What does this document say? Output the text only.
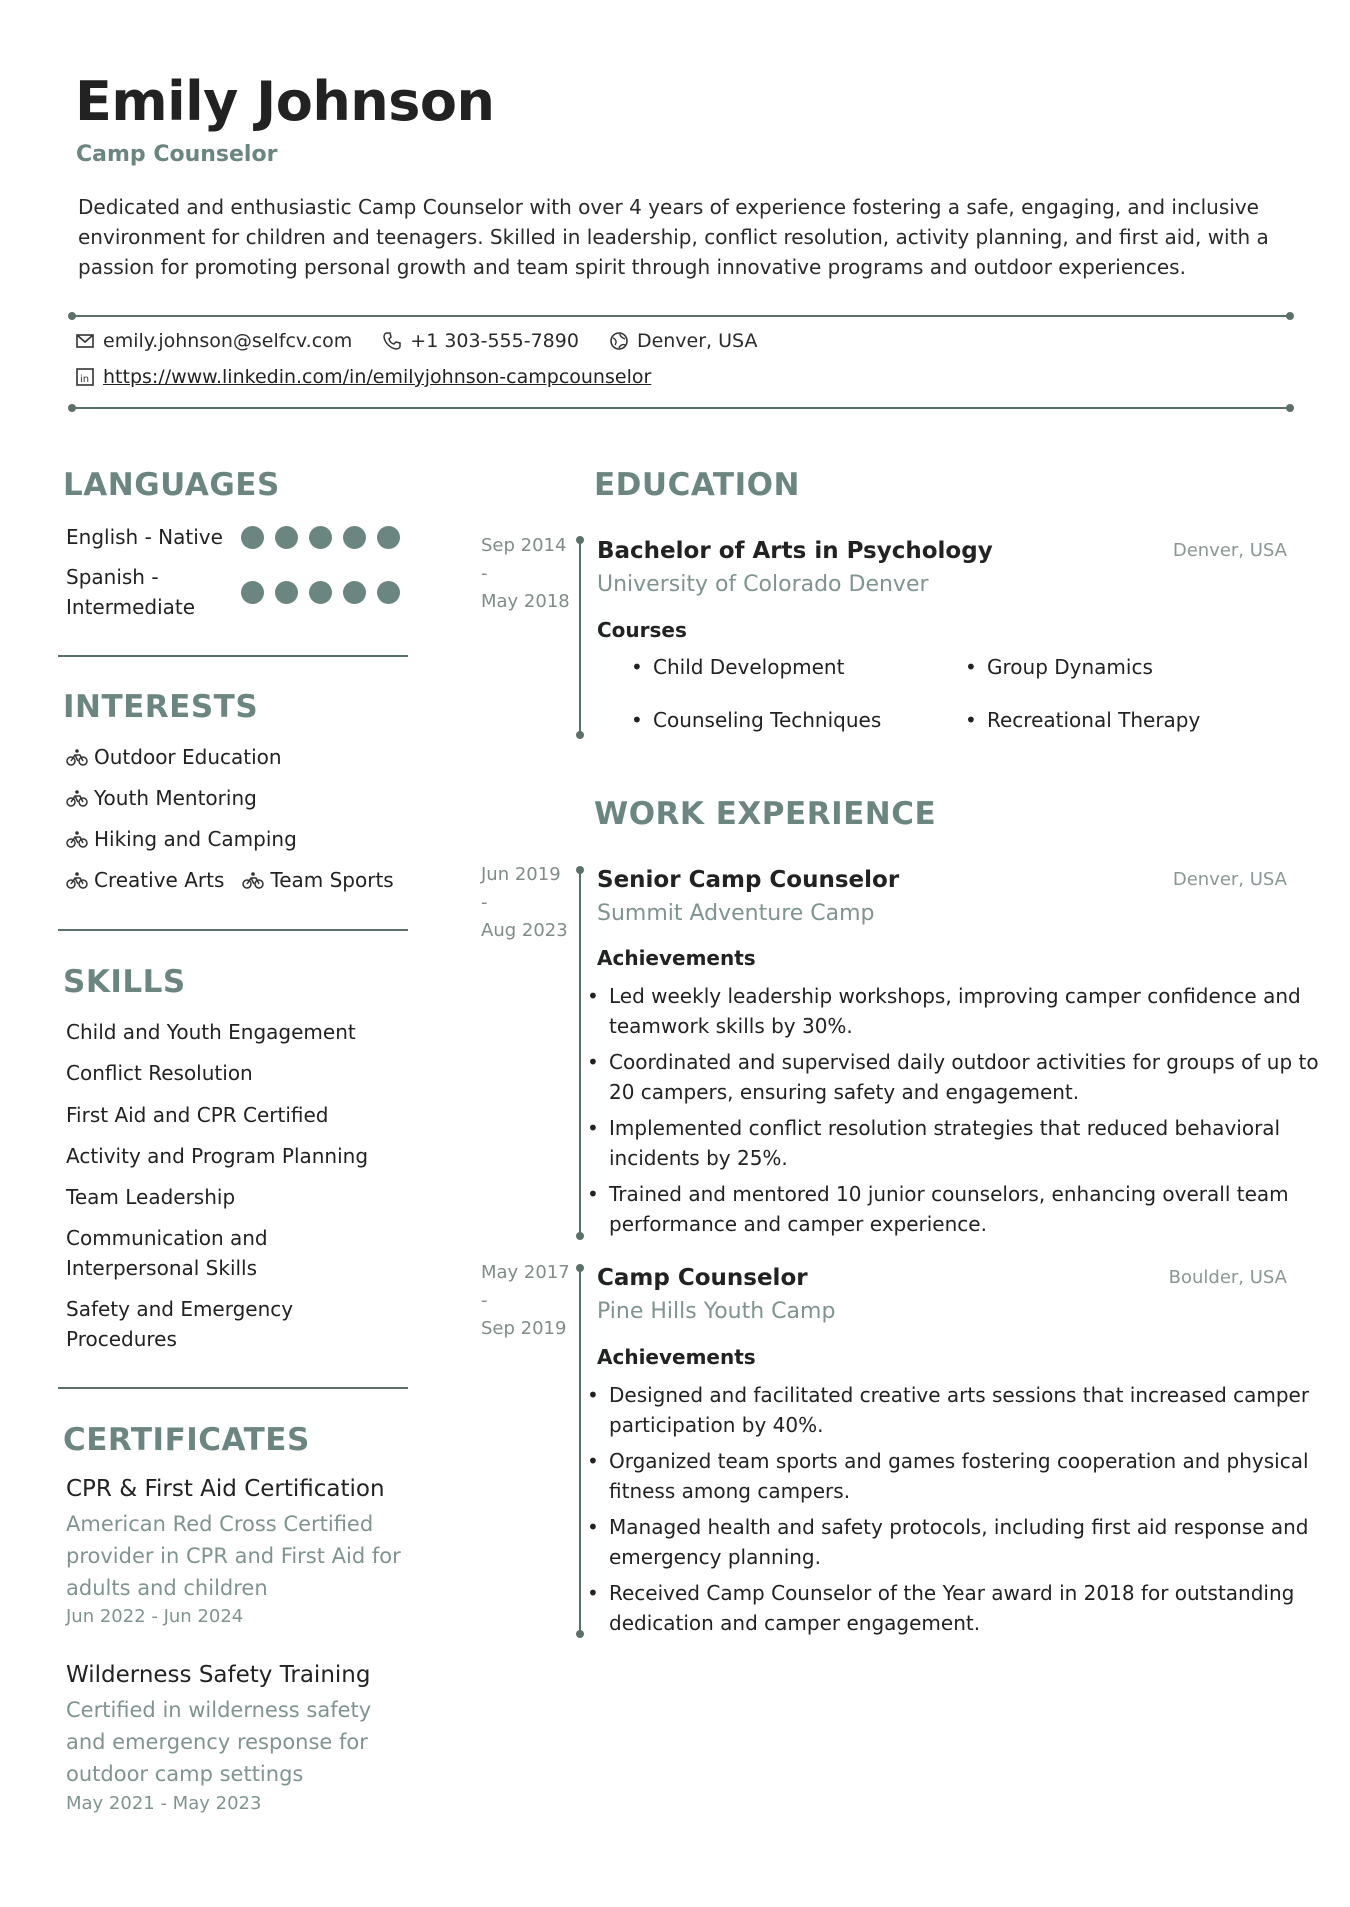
Emily Johnson
Camp Counselor
Dedicated and enthusiastic Camp Counselor with over 4 years of experience fostering a safe, engaging, and inclusive environment for children and teenagers. Skilled in leadership, conflict resolution, activity planning, and first aid, with a passion for promoting personal growth and team spirit through innovative programs and outdoor experiences.
emily.johnson@selfcv.com	+1 303-555-7890	Denver, USA
in https://www.linkedin.com/in/emilyjohnson-campcounselor
LANGUAGES
English - Native
Spanish - Intermediate
INTERESTS
Outdoor Education
Youth Mentoring
Hiking and Camping
Creative Arts Team Sports
SKILLS
Child and Youth Engagement
Conflict Resolution
First Aid and CPR Certified
Activity and Program Planning
Team Leadership
Communication and Interpersonal Skills
Safety and Emergency Procedures
CERTIFICATES
CPR & First Aid Certification
American Red Cross Certified provider in CPR and First Aid for adults and children
Jun 2022 - Jun 2024
Wilderness Safety Training
Certified in wilderness safety and emergency response for outdoor camp settings
May 2021 - May 2023
EDUCATION
Sep 2014
-
May 2018
Bachelor of Arts in Psychology	Denver, USA
University of Colorado Denver
Courses
• Child Development	• Group Dynamics
• Counseling Techniques	• Recreational Therapy
WORK EXPERIENCE
Jun 2019
-
Aug 2023
Senior Camp Counselor	Denver, USA
Summit Adventure Camp
Achievements
• Led weekly leadership workshops, improving camper confidence and teamwork skills by 30%.
• Coordinated and supervised daily outdoor activities for groups of up to 20 campers, ensuring safety and engagement.
• Implemented conflict resolution strategies that reduced behavioral incidents by 25%.
• Trained and mentored 10 junior counselors, enhancing overall team performance and camper experience.
May 2017
-
Sep 2019
Camp Counselor	Boulder, USA
Pine Hills Youth Camp
Achievements
• Designed and facilitated creative arts sessions that increased camper participation by 40%.
• Organized team sports and games fostering cooperation and physical fitness among campers.
• Managed health and safety protocols, including first aid response and emergency planning.
• Received Camp Counselor of the Year award in 2018 for outstanding dedication and camper engagement.
